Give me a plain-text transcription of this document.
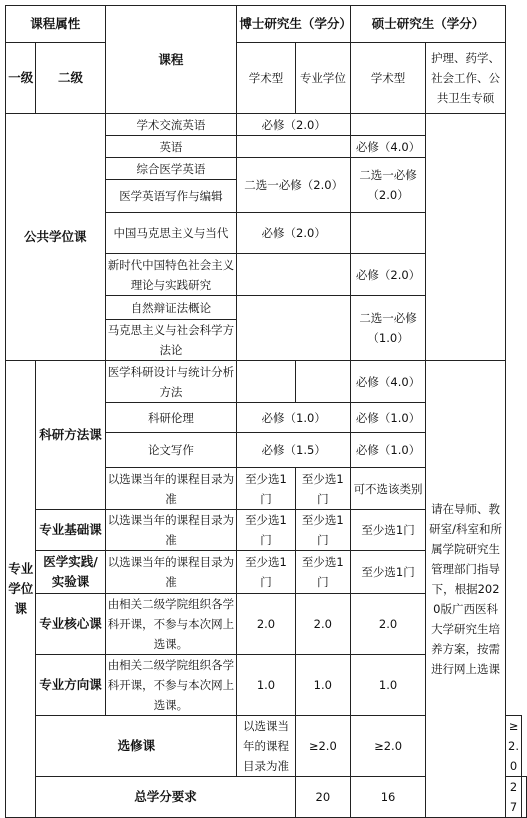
课程属性		课程	博士研究生（学分）		硕士研究生（学分）			
一级	二级		学术型	专业学位	学术型	护理、药学、社会工作、公共卫生专硕		

公共学位课		学术交流英语	必修（2.0）					
		英语			必修（4.0）			
		综合医学英语	二选一必修（2.0）		二选一必修（2.0）			
		医学英语写作与编辑						
		中国马克思主义与当代	必修（2.0）					
		新时代中国特色社会主义理论与实践研究			必修（2.0）			
		自然辩证法概论			二选一必修（1.0）			
		马克思主义与社会科学方法论						
专业学位课	科研方法课	医学科研设计与统计分析方法			必修（4.0）	请在导师、教研室/科室和所属学院研究生管理部门指导下，根据2020版广西医科大学研究生培养方案，按需进行网上选课		
		科研伦理	必修（1.0）		必修（1.0）			
		论文写作	必修（1.5）		必修（1.0）			
		以选课当年的课程目录为准	至少选1门	至少选1门	可不选该类别			
	专业基础课	以选课当年的课程目录为准	至少选1门	至少选1门	至少选1门			
	医学实践/实验课	以选课当年的课程目录为准	至少选1门	至少选1门	至少选1门			
	专业核心课	由相关二级学院组织各学科开课，不参与本次网上选课。	2.0	2.0	2.0			
	专业方向课	由相关二级学院组织各学科开课，不参与本次网上选课。	1.0	1.0	1.0			
	选修课		以选课当年的课程目录为准	≥2.0	≥2.0		≥2.0	
	总学分要求			20	16		27	
